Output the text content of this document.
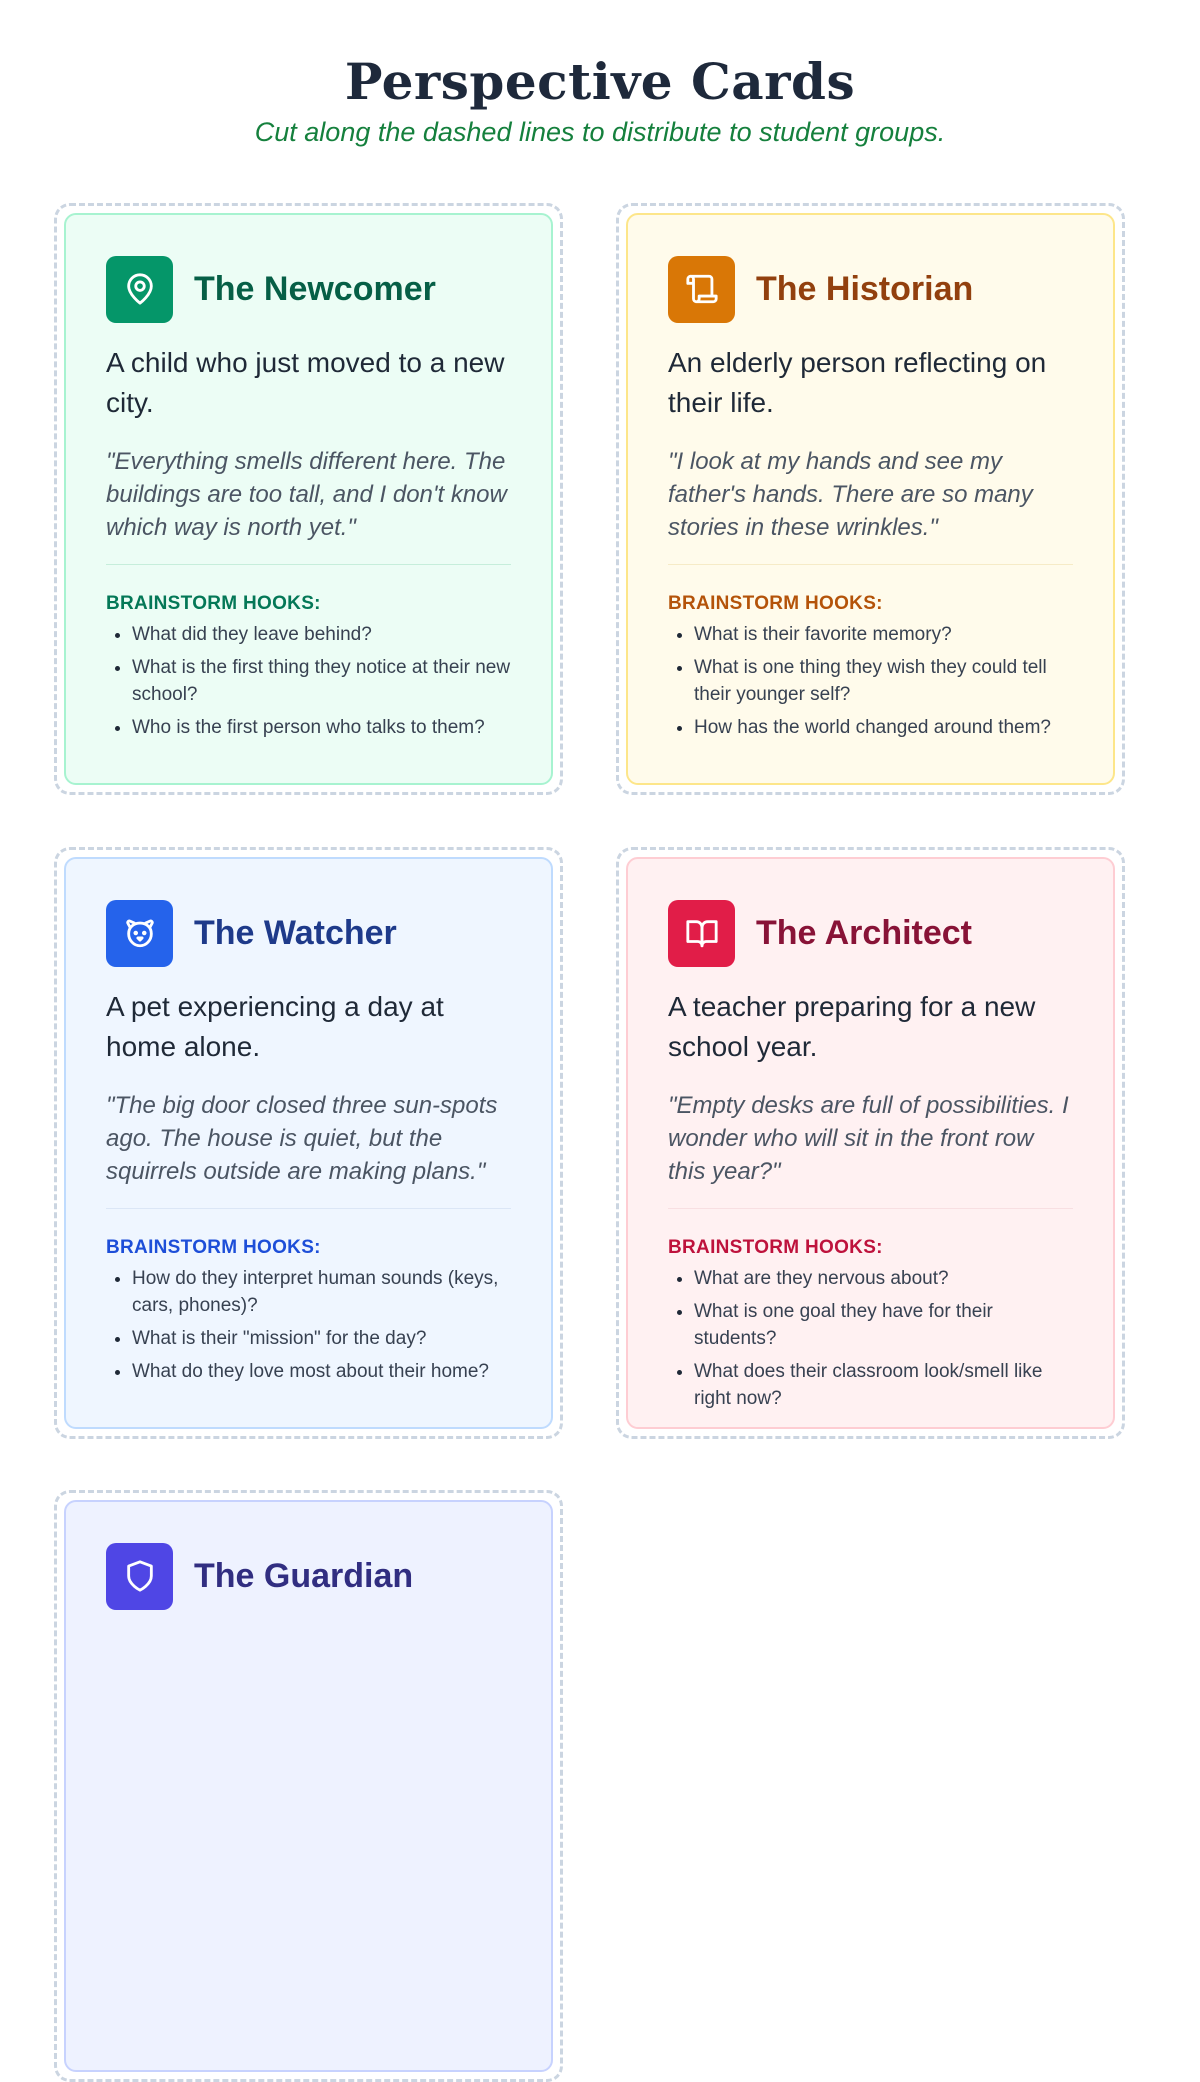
Perspective Cards

Cut along the dashed lines to distribute to student groups.

The Newcomer

A child who just moved to a new city.

"Everything smells different here. The buildings are too tall, and I don't know which way is north yet."

BRAINSTORM HOOKS:
• What did they leave behind?
• What is the first thing they notice at their new school?
• Who is the first person who talks to them?
The Historian

An elderly person reflecting on their life.

"I look at my hands and see my father's hands. There are so many stories in these wrinkles."

BRAINSTORM HOOKS:
• What is their favorite memory?
• What is one thing they wish they could tell their younger self?
• How has the world changed around them?
The Watcher

A pet experiencing a day at home alone.

"The big door closed three sun-spots ago. The house is quiet, but the squirrels outside are making plans."

BRAINSTORM HOOKS:
• How do they interpret human sounds (keys, cars, phones)?
• What is their "mission" for the day?
• What do they love most about their home?
The Architect

A teacher preparing for a new school year.

"Empty desks are full of possibilities. I wonder who will sit in the front row this year?"

BRAINSTORM HOOKS:
• What are they nervous about?
• What is one goal they have for their students?
• What does their classroom look/smell like right now?
The Guardian
